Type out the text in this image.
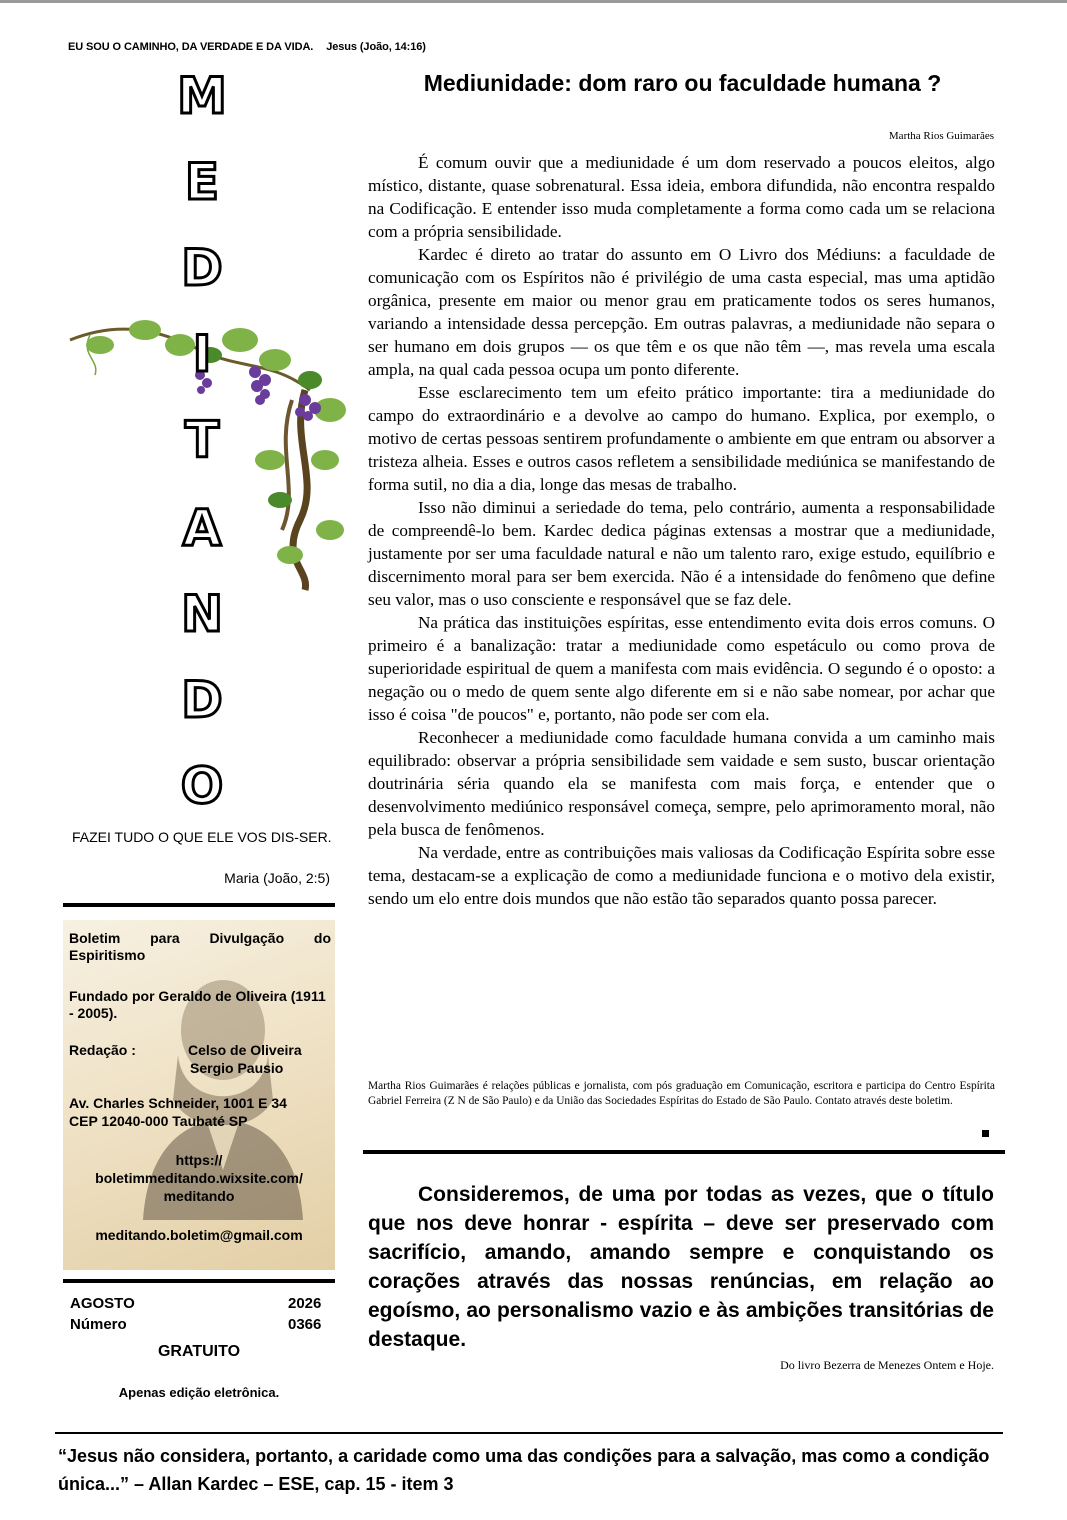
EU SOU O CAMINHO, DA VERDADE E DA VIDA. Jesus (João, 14:16)
M
E
D
I
T
A
N
D
O
FAZEI TUDO O QUE ELE VOS DIS-SER.
Maria (João, 2:5)
Boletim para Divulgação do Espiritismo
Fundado por Geraldo de Oliveira (1911 - 2005).
Redação :	Celso de Oliveira
Sergio Pausio
Av. Charles Schneider, 1001 E 34
CEP 12040-000 Taubaté SP
https://
boletimmeditando.wixsite.com/
meditando
meditando.boletim@gmail.com
AGOSTO	2026
Número	0366
GRATUITO
Apenas edição eletrônica.
Mediunidade: dom raro ou faculdade humana ?
Martha Rios Guimarães

É comum ouvir que a mediunidade é um dom reservado a poucos eleitos, algo místico, distante, quase sobrenatural. Essa ideia, embora difundida, não encontra respaldo na Codificação. E entender isso muda completamente a forma como cada um se relaciona com a própria sensibilidade.

Kardec é direto ao tratar do assunto em O Livro dos Médiuns: a faculdade de comunicação com os Espíritos não é privilégio de uma casta especial, mas uma aptidão orgânica, presente em maior ou menor grau em praticamente todos os seres humanos, variando a intensidade dessa percepção. Em outras palavras, a mediunidade não separa o ser humano em dois grupos — os que têm e os que não têm —, mas revela uma escala ampla, na qual cada pessoa ocupa um ponto diferente.

Esse esclarecimento tem um efeito prático importante: tira a mediunidade do campo do extraordinário e a devolve ao campo do humano. Explica, por exemplo, o motivo de certas pessoas sentirem profundamente o ambiente em que entram ou absorver a tristeza alheia. Esses e outros casos refletem a sensibilidade mediúnica se manifestando de forma sutil, no dia a dia, longe das mesas de trabalho.

Isso não diminui a seriedade do tema, pelo contrário, aumenta a responsabilidade de compreendê-lo bem. Kardec dedica páginas extensas a mostrar que a mediunidade, justamente por ser uma faculdade natural e não um talento raro, exige estudo, equilíbrio e discernimento moral para ser bem exercida. Não é a intensidade do fenômeno que define seu valor, mas o uso consciente e responsável que se faz dele.

Na prática das instituições espíritas, esse entendimento evita dois erros comuns. O primeiro é a banalização: tratar a mediunidade como espetáculo ou como prova de superioridade espiritual de quem a manifesta com mais evidência. O segundo é o oposto: a negação ou o medo de quem sente algo diferente em si e não sabe nomear, por achar que isso é coisa "de poucos" e, portanto, não pode ser com ela.

Reconhecer a mediunidade como faculdade humana convida a um caminho mais equilibrado: observar a própria sensibilidade sem vaidade e sem susto, buscar orientação doutrinária séria quando ela se manifesta com mais força, e entender que o desenvolvimento mediúnico responsável começa, sempre, pelo aprimoramento moral, não pela busca de fenômenos.

Na verdade, entre as contribuições mais valiosas da Codificação Espírita sobre esse tema, destacam-se a explicação de como a mediunidade funciona e o motivo dela existir, sendo um elo entre dois mundos que não estão tão separados quanto possa parecer.

Martha Rios Guimarães é relações públicas e jornalista, com pós graduação em Comunicação, escritora e participa do Centro Espírita Gabriel Ferreira (Z N de São Paulo) e da União das Sociedades Espíritas do Estado de São Paulo. Contato através deste boletim.
Consideremos, de uma por todas as vezes, que o título que nos deve honrar - espírita – deve ser preservado com sacrifício, amando, amando sempre e conquistando os corações através das nossas renúncias, em relação ao egoísmo, ao personalismo vazio e às ambições transitórias de destaque.
Do livro Bezerra de Menezes Ontem e Hoje.
“Jesus não considera, portanto, a caridade como uma das condições para a salvação, mas como a condição única...” – Allan Kardec – ESE, cap. 15 - item 3
